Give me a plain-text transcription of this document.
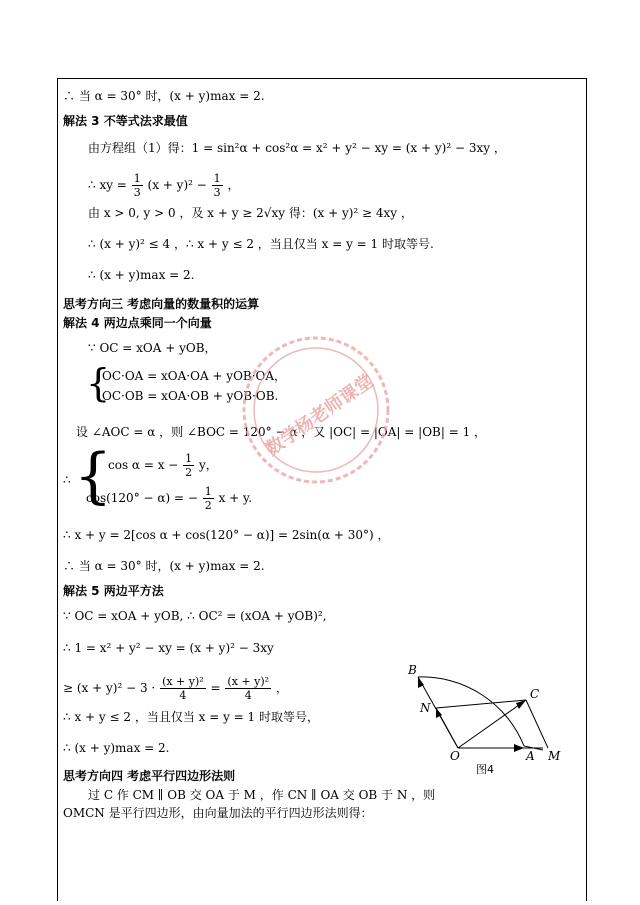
∴ 当 α = 30° 时，(x + y)max = 2.
解法 3 不等式法求最值
由方程组（1）得：1 = sin²α + cos²α = x² + y² − xy = (x + y)² − 3xy ，
∴ xy = $\frac{1}{3} (x + y)^2 - \frac{1}{3}$ ，
由 x > 0, y > 0 ，及 x + y ≥ 2√xy 得：(x + y)² ≥ 4xy ，
∴ (x + y)² ≤ 4 ，∴ x + y ≤ 2 ，当且仅当 x = y = 1 时取等号.
∴ (x + y)max = 2.
思考方向三 考虑向量的数量积的运算
解法 4 两边点乘同一个向量
∵ OC = xOA + yOB，
{
OC·OA = xOA·OA + yOB·OA，
OC·OB = xOA·OB + yOB·OB.
设 ∠AOC = α ，则 ∠BOC = 120° − α ，又 |OC| = |OA| = |OB| = 1 ，
∴ {
$\cos \alpha = x - \frac{1}{2}$ y，
cos(120° − α) = − $\frac{1}{2}$ x + y.
∴ x + y = 2[cos α + cos(120° − α)] = 2sin(α + 30°) ，
∴ 当 α = 30° 时，(x + y)max = 2.
解法 5 两边平方法
∵ OC = xOA + yOB, ∴ OC² = (xOA + yOB)²,
∴ 1 = x² + y² − xy = (x + y)² − 3xy
≥ $(x + y)^2 - 3 \cdot \frac{\text{(x + y)²}}{4} = \frac{\text{(x + y)²}}{4}$ ，
∴ x + y ≤ 2 ，当且仅当 x = y = 1 时取等号，
∴ (x + y)max = 2.
思考方向四 考虑平行四边形法则
过 C 作 CM ∥ OB 交 OA 于 M ，作 CN ∥ OA 交 OB 于 N ，则
OMCN 是平行四边形，由向量加法的平行四边形法则得：
数学杨老师课堂
B
C
N
O	A M
图4
